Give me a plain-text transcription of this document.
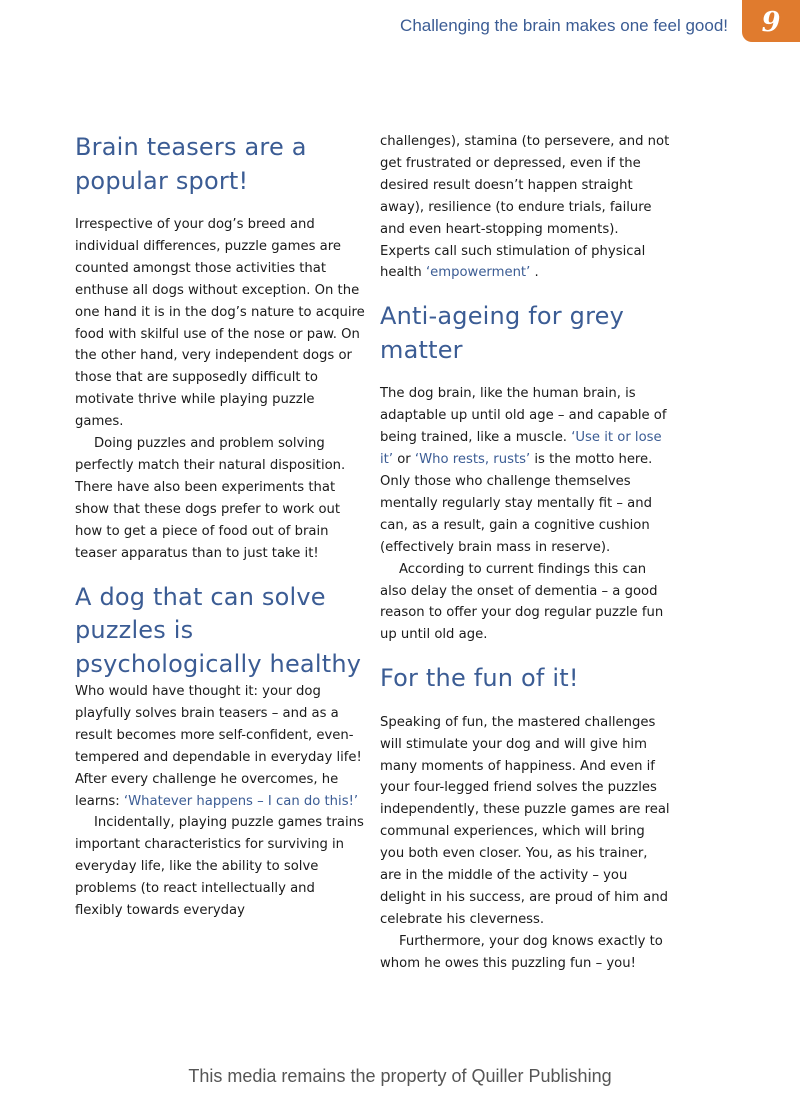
Challenging the brain makes one feel good! 9
Brain teasers are a popular sport!

Irrespective of your dog’s breed and individual differences, puzzle games are counted amongst those activities that enthuse all dogs without exception. On the one hand it is in the dog’s nature to acquire food with skilful use of the nose or paw. On the other hand, very independent dogs or those that are supposedly difficult to motivate thrive while playing puzzle games.

Doing puzzles and problem solving perfectly match their natural disposition. There have also been experiments that show that these dogs prefer to work out how to get a piece of food out of brain teaser apparatus than to just take it!

A dog that can solve puzzles is psychologically healthy

Who would have thought it: your dog playfully solves brain teasers – and as a result becomes more self-confident, even-tempered and dependable in everyday life! After every challenge he overcomes, he learns: ‘Whatever happens – I can do this!’

Incidentally, playing puzzle games trains important characteristics for surviving in everyday life, like the ability to solve problems (to react intellectually and flexibly towards everyday

challenges), stamina (to persevere, and not get frustrated or depressed, even if the desired result doesn’t happen straight away), resilience (to endure trials, failure and even heart-stopping moments). Experts call such stimulation of physical health ‘empowerment’ .

Anti-ageing for grey matter

The dog brain, like the human brain, is adaptable up until old age – and capable of being trained, like a muscle. ‘Use it or lose it’ or ‘Who rests, rusts’ is the motto here. Only those who challenge themselves mentally regularly stay mentally fit – and can, as a result, gain a cognitive cushion (effectively brain mass in reserve).

According to current findings this can also delay the onset of dementia – a good reason to offer your dog regular puzzle fun up until old age.

For the fun of it!

Speaking of fun, the mastered challenges will stimulate your dog and will give him many moments of happiness. And even if your four-legged friend solves the puzzles independently, these puzzle games are real communal experiences, which will bring you both even closer. You, as his trainer, are in the middle of the activity – you delight in his success, are proud of him and celebrate his cleverness.

Furthermore, your dog knows exactly to whom he owes this puzzling fun – you!

This media remains the property of Quiller Publishing
